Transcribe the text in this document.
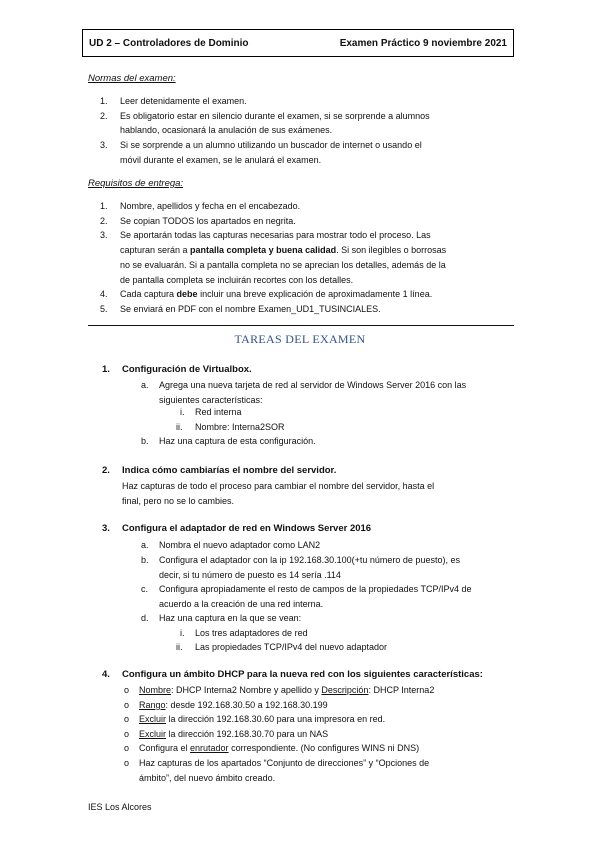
UD 2 – Controladores de Dominio	Examen Práctico 9 noviembre 2021
Normas del examen:
1.	Leer detenidamente el examen.
2.	Es obligatorio estar en silencio durante el examen, si se sorprende a alumnos
hablando, ocasionará la anulación de sus exámenes.
3.	Si se sorprende a un alumno utilizando un buscador de internet o usando el
móvil durante el examen, se le anulará el examen.
Requisitos de entrega:
1.	Nombre, apellidos y fecha en el encabezado.
2.	Se copian TODOS los apartados en negrita.
3.	Se aportarán todas las capturas necesarias para mostrar todo el proceso. Las
capturan serán a pantalla completa y buena calidad. Si son ilegibles o borrosas
no se evaluarán. Si a pantalla completa no se aprecian los detalles, además de la
de pantalla completa se incluirán recortes con los detalles.
4.	Cada captura debe incluir una breve explicación de aproximadamente 1 línea.
5.	Se enviará en PDF con el nombre Examen_UD1_TUSINCIALES.
TAREAS DEL EXAMEN
1.	Configuración de Virtualbox.
a.	Agrega una nueva tarjeta de red al servidor de Windows Server 2016 con las
siguientes características:
i.	Red interna
ii.	Nombre: Interna2SOR
b.	Haz una captura de esta configuración.
2.	Indica cómo cambiarías el nombre del servidor.
Haz capturas de todo el proceso para cambiar el nombre del servidor, hasta el
final, pero no se lo cambies.
3.	Configura el adaptador de red en Windows Server 2016
a.	Nombra el nuevo adaptador como LAN2
b.	Configura el adaptador con la ip 192.168.30.100(+tu número de puesto), es
decir, si tu número de puesto es 14 sería .114
c.	Configura apropiadamente el resto de campos de la propiedades TCP/IPv4 de
acuerdo a la creación de una red interna.
d.	Haz una captura en la que se vean:
i.	Los tres adaptadores de red
ii.	Las propiedades TCP/IPv4 del nuevo adaptador
4.	Configura un ámbito DHCP para la nueva red con los siguientes características:
o	Nombre: DHCP Interna2 Nombre y apellido y Descripción: DHCP Interna2
o	Rango: desde 192.168.30.50 a 192.168.30.199
o	Excluir la dirección 192.168.30.60 para una impresora en red.
o	Excluir la dirección 192.168.30.70 para un NAS
o	Configura el enrutador correspondiente. (No configures WINS ni DNS)
o	Haz capturas de los apartados “Conjunto de direcciones” y “Opciones de
ámbito”, del nuevo ámbito creado.
IES Los Alcores
